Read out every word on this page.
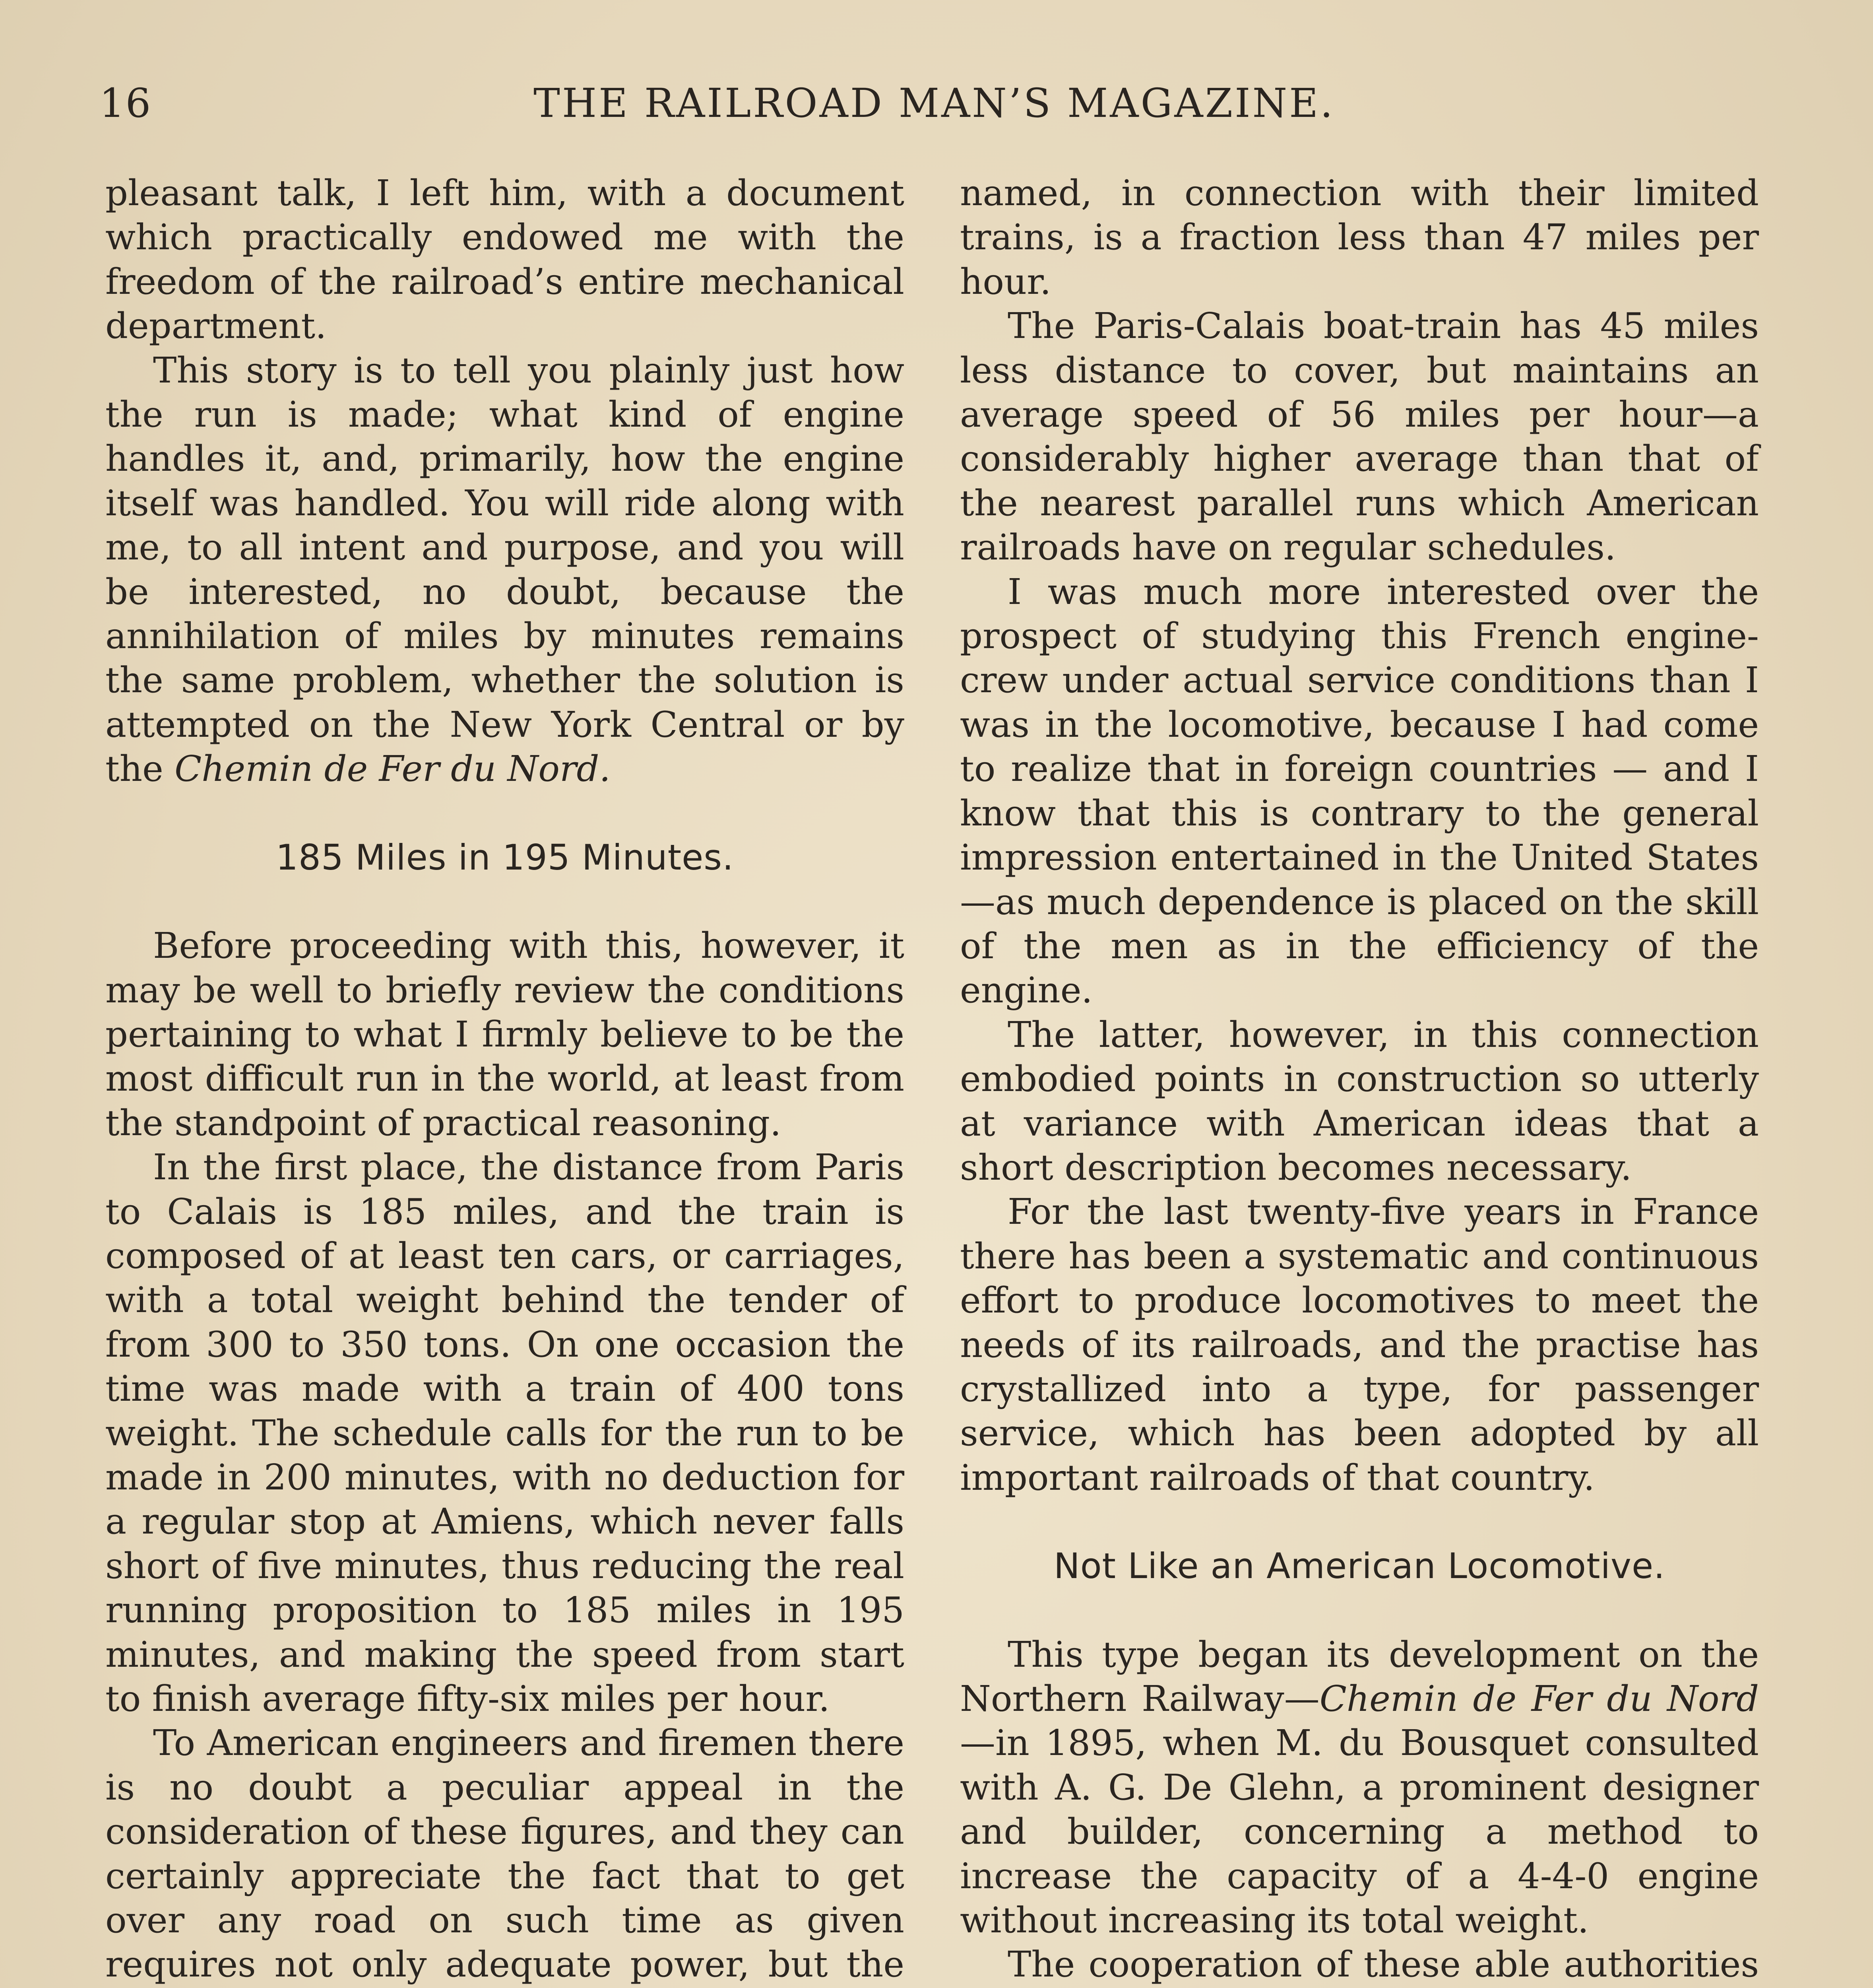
16	THE RAILROAD MAN’S MAGAZINE.

pleasant talk, I left him, with a document which practically endowed me with the freedom of the railroad’s entire mechanical department.

This story is to tell you plainly just how the run is made; what kind of engine handles it, and, primarily, how the engine itself was handled. You will ride along with me, to all intent and purpose, and you will be interested, no doubt, because the annihilation of miles by minutes remains the same problem, whether the solution is attempted on the New York Central or by the Chemin de Fer du Nord.

185 Miles in 195 Minutes.

Before proceeding with this, however, it may be well to briefly review the conditions pertaining to what I firmly believe to be the most difficult run in the world, at least from the standpoint of practical reasoning.

In the first place, the distance from Paris to Calais is 185 miles, and the train is composed of at least ten cars, or carriages, with a total weight behind the tender of from 300 to 350 tons. On one occasion the time was made with a train of 400 tons weight. The schedule calls for the run to be made in 200 minutes, with no deduction for a regular stop at Amiens, which never falls short of five minutes, thus reducing the real running proposition to 185 miles in 195 minutes, and making the speed from start to finish average fifty-six miles per hour.

To American engineers and firemen there is no doubt a peculiar appeal in the consideration of these figures, and they can certainly appreciate the fact that to get over any road on such time as given requires not only adequate power, but the

named, in connection with their limited trains, is a fraction less than 47 miles per hour.

The Paris-Calais boat-train has 45 miles less distance to cover, but maintains an average speed of 56 miles per hour—a considerably higher average than that of the nearest parallel runs which American railroads have on regular schedules.

I was much more interested over the prospect of studying this French engine-crew under actual service conditions than I was in the locomotive, because I had come to realize that in foreign countries — and I know that this is contrary to the general impression entertained in the United States —as much dependence is placed on the skill of the men as in the efficiency of the engine.

The latter, however, in this connection embodied points in construction so utterly at variance with American ideas that a short description becomes necessary.

For the last twenty-five years in France there has been a systematic and continuous effort to produce locomotives to meet the needs of its railroads, and the practise has crystallized into a type, for passenger service, which has been adopted by all important railroads of that country.

Not Like an American Locomotive.

This type began its development on the Northern Railway—Chemin de Fer du Nord—in 1895, when M. du Bousquet consulted with A. G. De Glehn, a prominent designer and builder, concerning a method to increase the capacity of a 4-4-0 engine without increasing its total weight.

The cooperation of these able authorities
